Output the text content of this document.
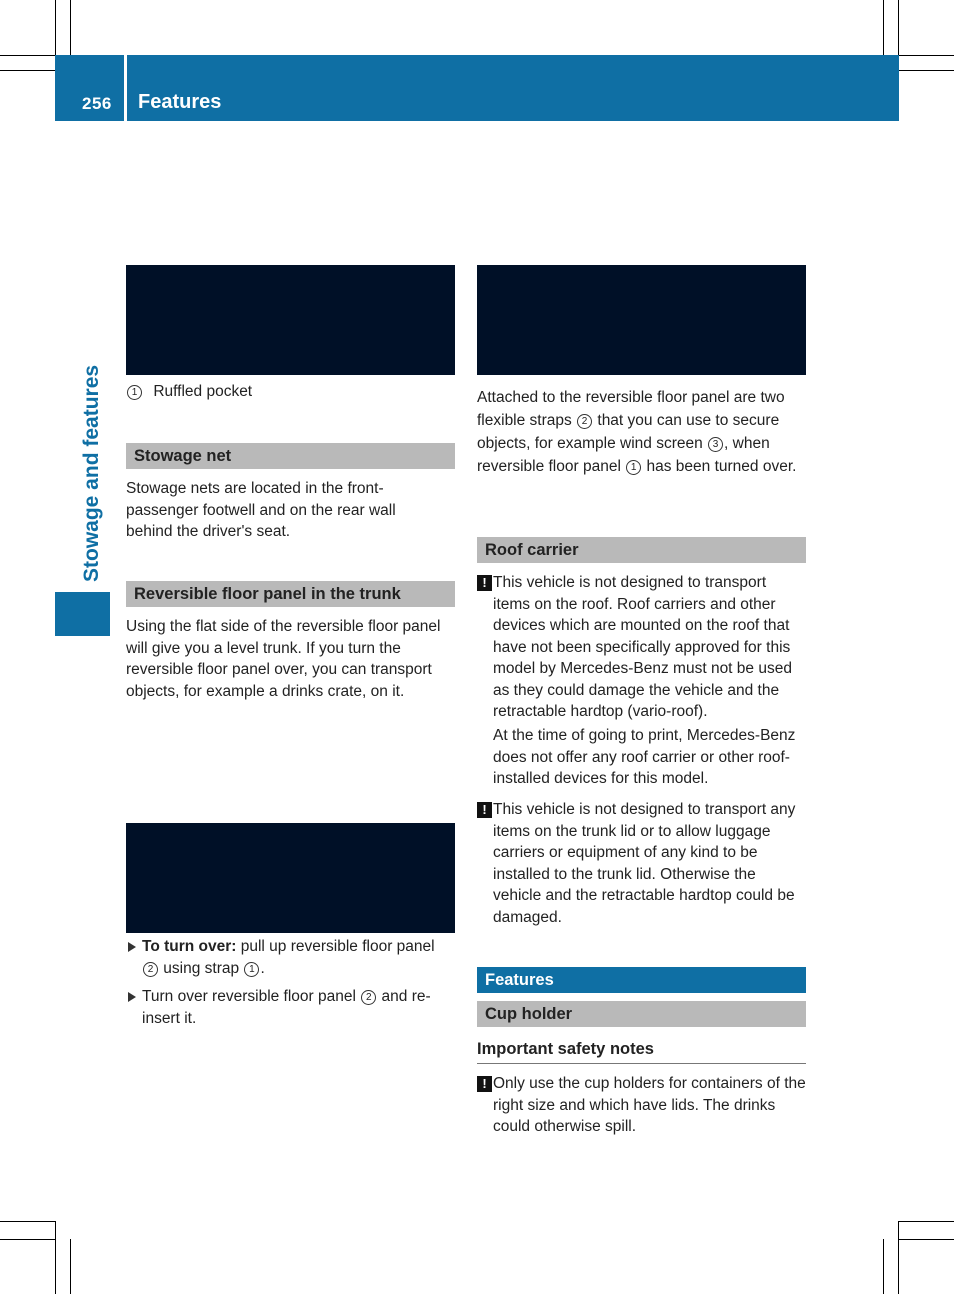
256 Features
Stowage and features	1 Ruffled pocket
Stowage net
Stowage nets are located in the front-passenger footwell and on the rear wall behind the driver's seat.
Reversible floor panel in the trunk
Using the flat side of the reversible floor panel will give you a level trunk. If you turn the reversible floor panel over, you can transport objects, for example a drinks crate, on it.
To turn over: pull up reversible floor panel 2 using strap 1 .
Turn over reversible floor panel 2 and re-insert it.
Attached to the reversible floor panel are two flexible straps 2 that you can use to secure objects, for example wind screen 3 , when reversible floor panel 1 has been turned over.
Roof carrier
! This vehicle is not designed to transport items on the roof. Roof carriers and other devices which are mounted on the roof that have not been specifically approved for this model by Mercedes-Benz must not be used as they could damage the vehicle and the retractable hardtop (vario-roof).
At the time of going to print, Mercedes-Benz does not offer any roof carrier or other roof-installed devices for this model.
! This vehicle is not designed to transport any items on the trunk lid or to allow luggage carriers or equipment of any kind to be installed to the trunk lid. Otherwise the vehicle and the retractable hardtop could be damaged.
Features
Cup holder
Important safety notes
! Only use the cup holders for containers of the right size and which have lids. The drinks could otherwise spill.
